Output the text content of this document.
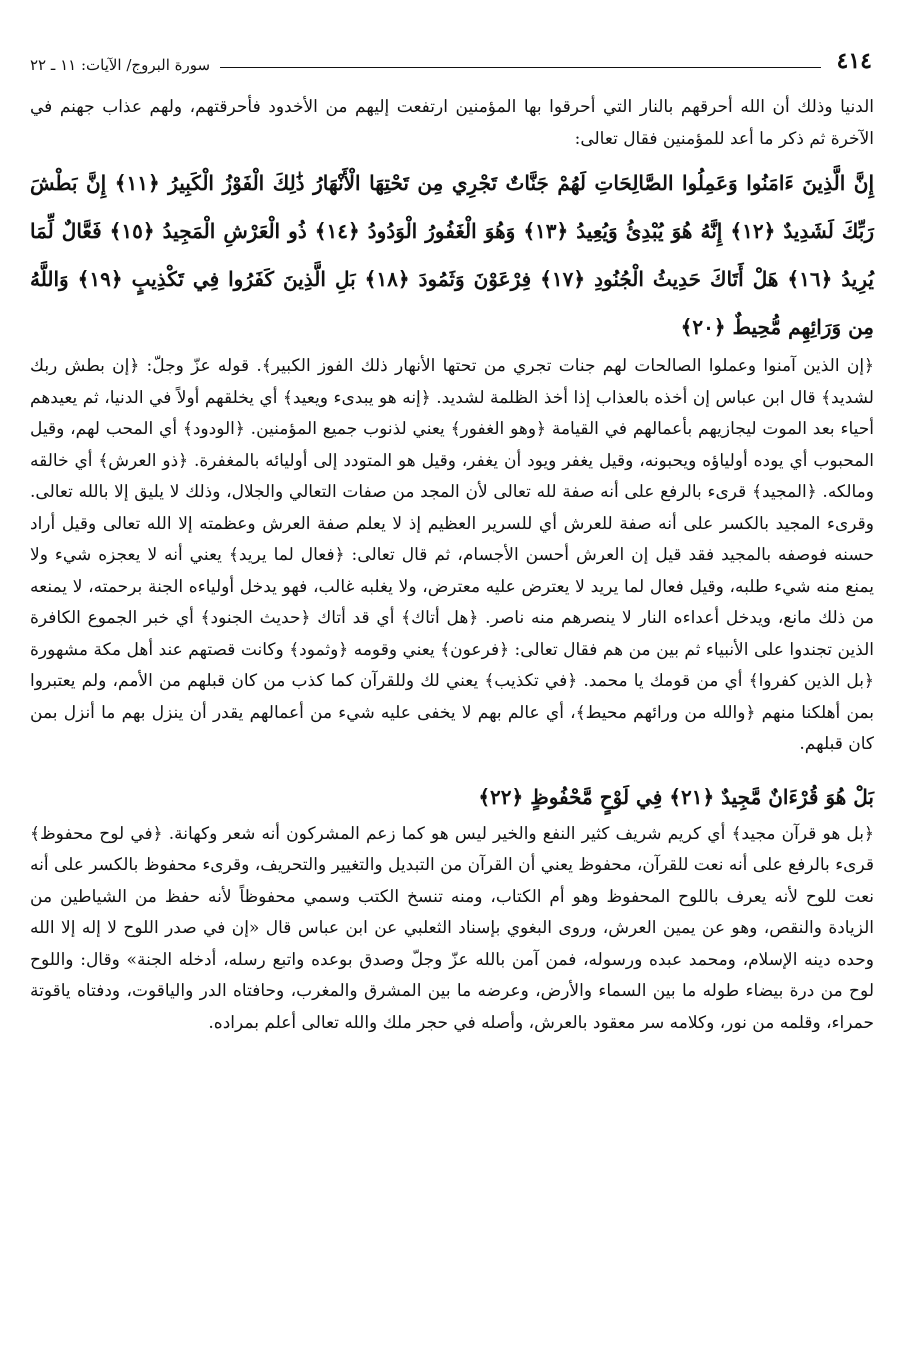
٤١٤
سورة البروج/ الآيات: ١١ ـ ٢٢

الدنيا وذلك أن الله أحرقهم بالنار التي أحرقوا بها المؤمنين ارتفعت إليهم من الأخدود فأحرقتهم، ولهم عذاب جهنم في الآخرة ثم ذكر ما أعد للمؤمنين فقال تعالى:

إِنَّ الَّذِينَ ءَامَنُوا وَعَمِلُوا الصَّالِحَاتِ لَهُمْ جَنَّاتٌ تَجْرِي مِن تَحْتِهَا الْأَنْهَارُ ذَٰلِكَ الْفَوْزُ الْكَبِيرُ ﴿١١﴾ إِنَّ بَطْشَ رَبِّكَ لَشَدِيدٌ ﴿١٢﴾ إِنَّهُ هُوَ يُبْدِئُ وَيُعِيدُ ﴿١٣﴾ وَهُوَ الْغَفُورُ الْوَدُودُ ﴿١٤﴾ ذُو الْعَرْشِ الْمَجِيدُ ﴿١٥﴾ فَعَّالٌ لِّمَا يُرِيدُ ﴿١٦﴾ هَلْ أَتَاكَ حَدِيثُ الْجُنُودِ ﴿١٧﴾ فِرْعَوْنَ وَثَمُودَ ﴿١٨﴾ بَلِ الَّذِينَ كَفَرُوا فِي تَكْذِيبٍ ﴿١٩﴾ وَاللَّهُ مِن وَرَائِهِم مُّحِيطٌ ﴿٢٠﴾

﴿إن الذين آمنوا وعملوا الصالحات لهم جنات تجري من تحتها الأنهار ذلك الفوز الكبير﴾. قوله عزّ وجلّ: ﴿إن بطش ربك لشديد﴾ قال ابن عباس إن أخذه بالعذاب إذا أخذ الظلمة لشديد. ﴿إنه هو يبدىء ويعيد﴾ أي يخلقهم أولاً في الدنيا، ثم يعيدهم أحياء بعد الموت ليجازيهم بأعمالهم في القيامة ﴿وهو الغفور﴾ يعني لذنوب جميع المؤمنين. ﴿الودود﴾ أي المحب لهم، وقيل المحبوب أي يوده أولياؤه ويحبونه، وقيل يغفر ويود أن يغفر، وقيل هو المتودد إلى أوليائه بالمغفرة. ﴿ذو العرش﴾ أي خالقه ومالكه. ﴿المجيد﴾ قرىء بالرفع على أنه صفة لله تعالى لأن المجد من صفات التعالي والجلال، وذلك لا يليق إلا بالله تعالى. وقرىء المجيد بالكسر على أنه صفة للعرش أي للسرير العظيم إذ لا يعلم صفة العرش وعظمته إلا الله تعالى وقيل أراد حسنه فوصفه بالمجيد فقد قيل إن العرش أحسن الأجسام، ثم قال تعالى: ﴿فعال لما يريد﴾ يعني أنه لا يعجزه شيء ولا يمنع منه شيء طلبه، وقيل فعال لما يريد لا يعترض عليه معترض، ولا يغلبه غالب، فهو يدخل أولياءه الجنة برحمته، لا يمنعه من ذلك مانع، ويدخل أعداءه النار لا ينصرهم منه ناصر. ﴿هل أتاك﴾ أي قد أتاك ﴿حديث الجنود﴾ أي خبر الجموع الكافرة الذين تجندوا على الأنبياء ثم بين من هم فقال تعالى: ﴿فرعون﴾ يعني وقومه ﴿وثمود﴾ وكانت قصتهم عند أهل مكة مشهورة ﴿بل الذين كفروا﴾ أي من قومك يا محمد. ﴿في تكذيب﴾ يعني لك وللقرآن كما كذب من كان قبلهم من الأمم، ولم يعتبروا بمن أهلكنا منهم ﴿والله من ورائهم محيط﴾، أي عالم بهم لا يخفى عليه شيء من أعمالهم يقدر أن ينزل بهم ما أنزل بمن كان قبلهم.

بَلْ هُوَ قُرْءَانٌ مَّجِيدٌ ﴿٢١﴾ فِي لَوْحٍ مَّحْفُوظٍ ﴿٢٢﴾

﴿بل هو قرآن مجيد﴾ أي كريم شريف كثير النفع والخير ليس هو كما زعم المشركون أنه شعر وكهانة. ﴿في لوح محفوظ﴾ قرىء بالرفع على أنه نعت للقرآن، محفوظ يعني أن القرآن من التبديل والتغيير والتحريف، وقرىء محفوظ بالكسر على أنه نعت للوح لأنه يعرف باللوح المحفوظ وهو أم الكتاب، ومنه تنسخ الكتب وسمي محفوظاً لأنه حفظ من الشياطين من الزيادة والنقص، وهو عن يمين العرش، وروى البغوي بإسناد الثعلبي عن ابن عباس قال «إن في صدر اللوح لا إله إلا الله وحده دينه الإسلام، ومحمد عبده ورسوله، فمن آمن بالله عزّ وجلّ وصدق بوعده واتبع رسله، أدخله الجنة» وقال: واللوح لوح من درة بيضاء طوله ما بين السماء والأرض، وعرضه ما بين المشرق والمغرب، وحافتاه الدر والياقوت، ودفتاه ياقوتة حمراء، وقلمه من نور، وكلامه سر معقود بالعرش، وأصله في حجر ملك والله تعالى أعلم بمراده.
